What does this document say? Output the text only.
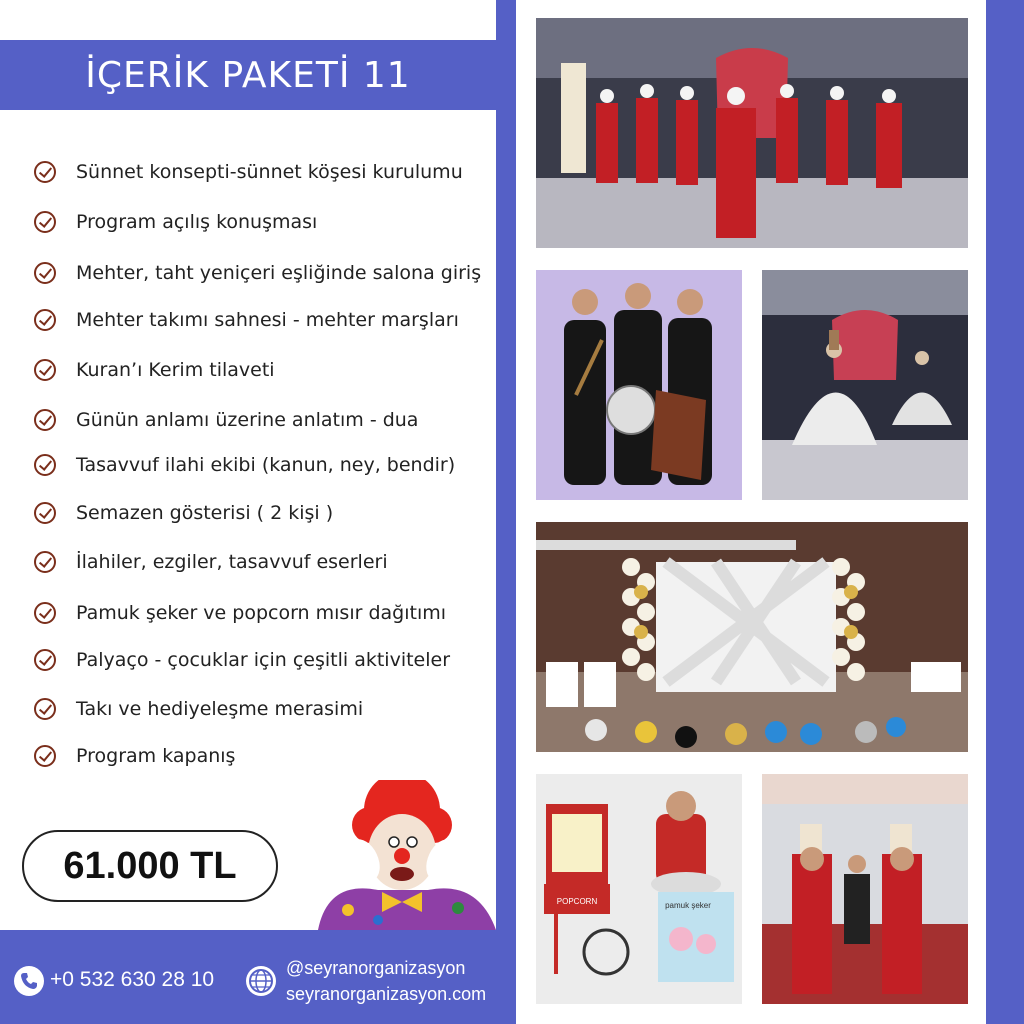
İÇERİK PAKETİ 11
Sünnet konsepti-sünnet köşesi kurulumu
Program açılış konuşması
Mehter, taht yeniçeri eşliğinde salona giriş
Mehter takımı sahnesi - mehter marşları
Kuran’ı Kerim tilaveti
Günün anlamı üzerine anlatım - dua
Tasavvuf ilahi ekibi (kanun, ney, bendir)
Semazen gösterisi ( 2 kişi )
İlahiler, ezgiler, tasavvuf eserleri
Pamuk şeker ve popcorn mısır dağıtımı
Palyaço - çocuklar için çeşitli aktiviteler
Takı ve hediyeleşme merasimi
Program kapanış
61.000 TL
+0 532 630 28 10	@seyranorganizasyon
seyranorganizasyon.com
POPCORN	pamuk şeker
